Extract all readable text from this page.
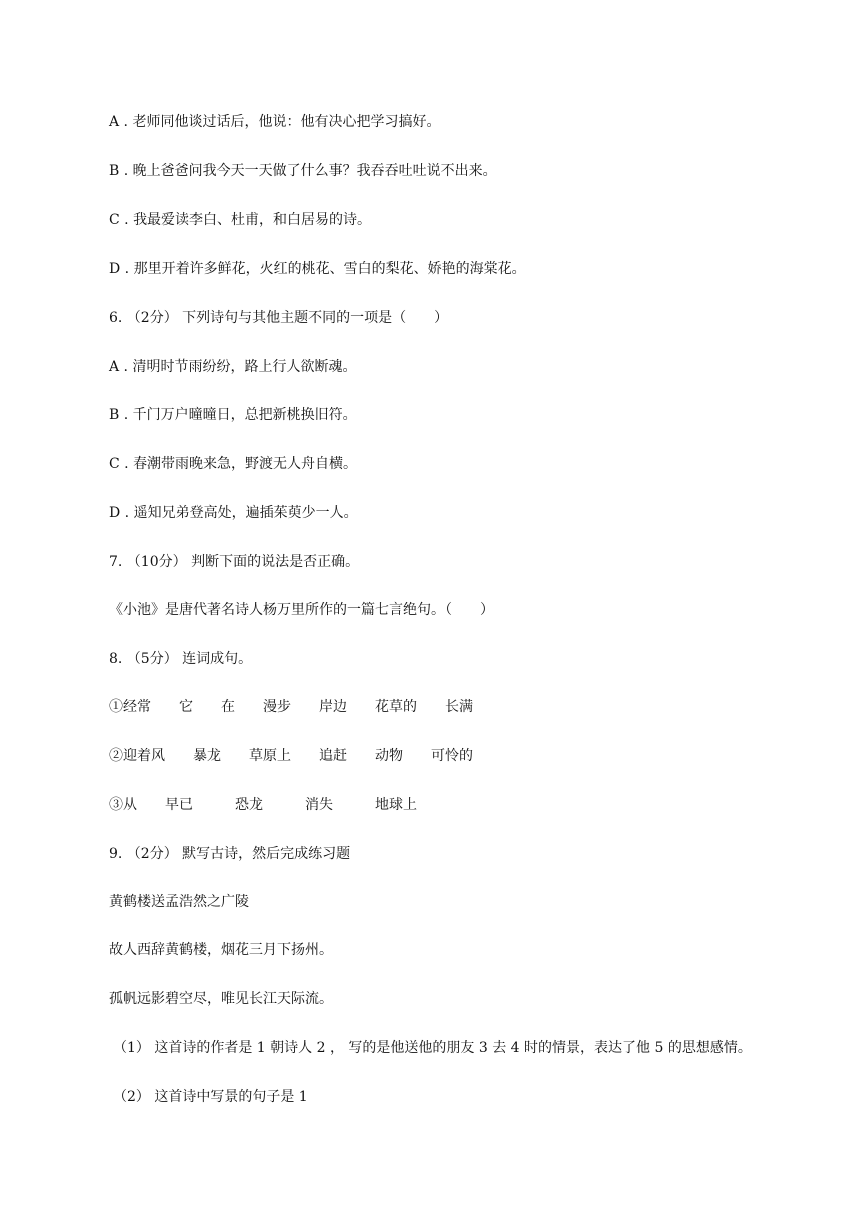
A . 老师同他谈过话后，他说：他有决心把学习搞好。
B . 晚上爸爸问我今天一天做了什么事？我吞吞吐吐说不出来。
C . 我最爱读李白、杜甫，和白居易的诗。
D . 那里开着许多鲜花，火红的桃花、雪白的梨花、娇艳的海棠花。
6. （2分） 下列诗句与其他主题不同的一项是（　　）
A . 清明时节雨纷纷，路上行人欲断魂。
B . 千门万户曈曈日，总把新桃换旧符。
C . 春潮带雨晚来急，野渡无人舟自横。
D . 遥知兄弟登高处，遍插茱萸少一人。
7. （10分） 判断下面的说法是否正确。
《小池》是唐代著名诗人杨万里所作的一篇七言绝句。（　　）
8. （5分） 连词成句。
①经常　　它　　在　　漫步　　岸边　　花草的　　长满
②迎着风　　暴龙　　草原上　　追赶　　动物　　可怜的
③从　　早已　　　恐龙　　　消失　　　地球上
9. （2分） 默写古诗，然后完成练习题
黄鹤楼送孟浩然之广陵
故人西辞黄鹤楼，烟花三月下扬州。
孤帆远影碧空尽，唯见长江天际流。
（1） 这首诗的作者是 1 朝诗人 2 ， 写的是他送他的朋友 3 去 4 时的情景，表达了他 5 的思想感情。
（2） 这首诗中写景的句子是 1
